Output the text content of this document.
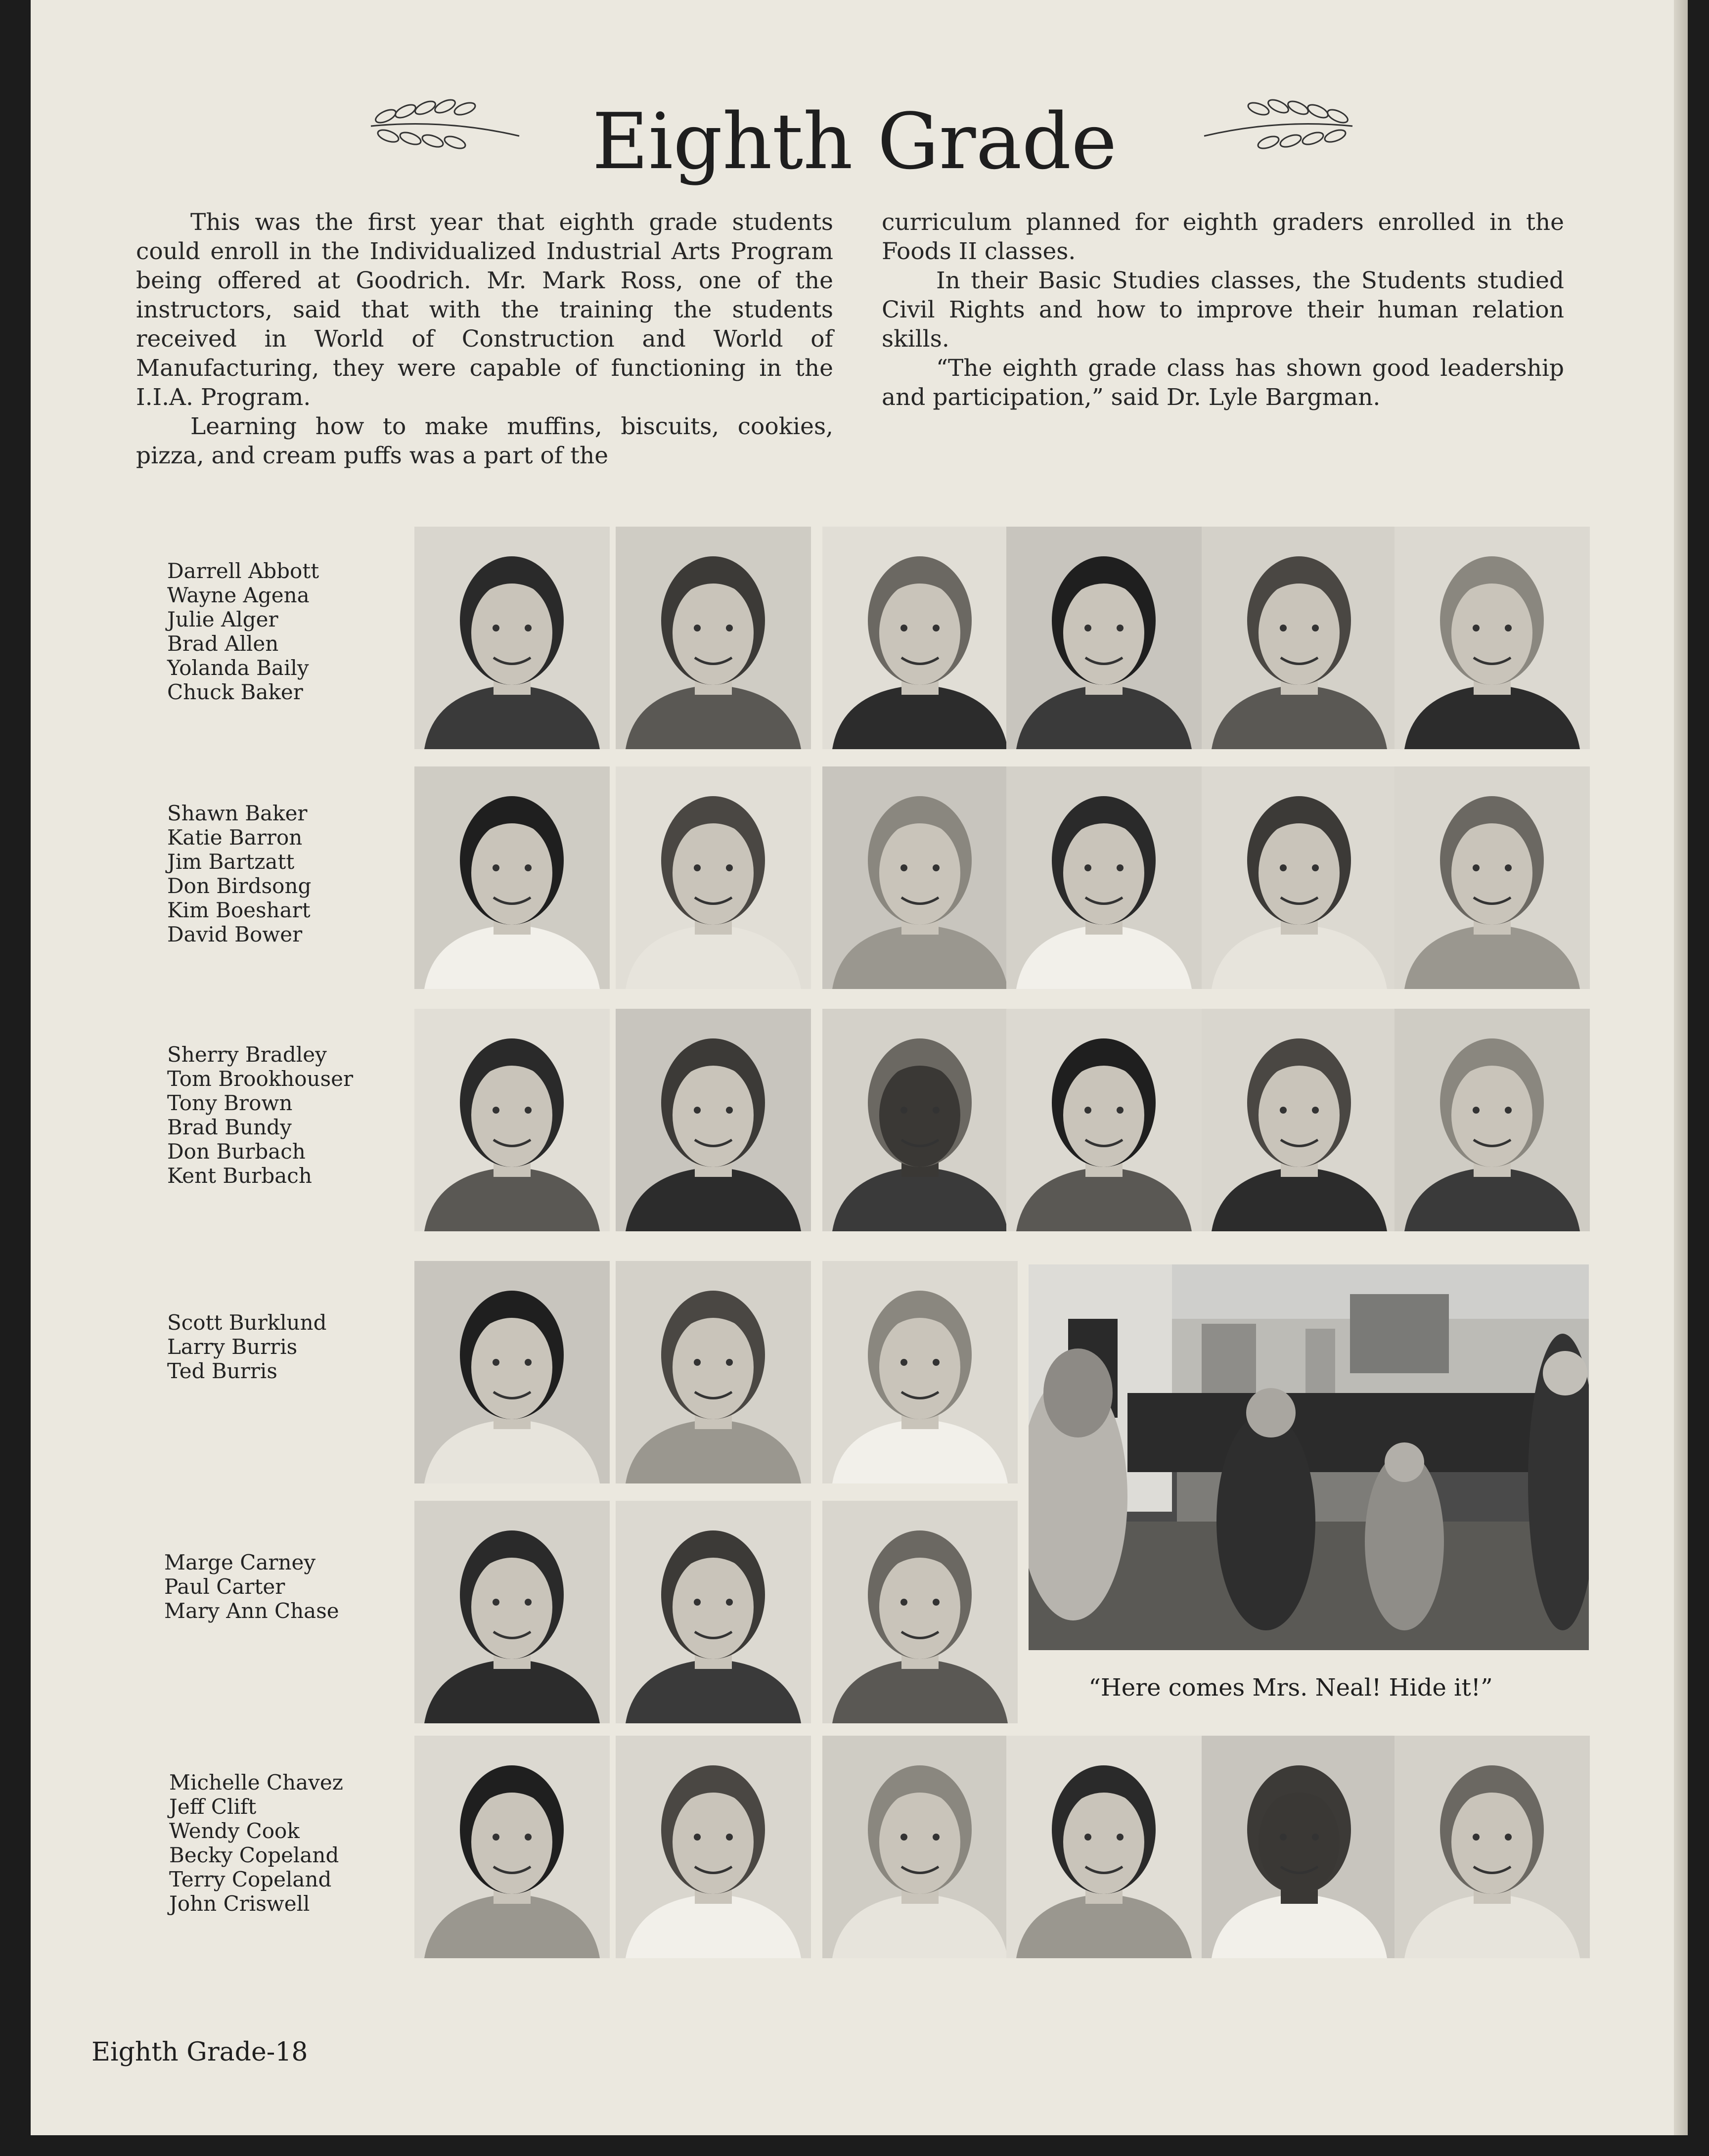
Eighth Grade

This was the first year that eighth grade students could enroll in the Individualized Industrial Arts Program being offered at Goodrich. Mr. Mark Ross, one of the instructors, said that with the training the students received in World of Construction and World of Manufacturing, they were capable of functioning in the I.I.A. Program.

Learning how to make muffins, biscuits, cookies, pizza, and cream puffs was a part of the

curriculum planned for eighth graders enrolled in the Foods II classes.

In their Basic Studies classes, the Students studied Civil Rights and how to improve their human relation skills.

“The eighth grade class has shown good leadership and participation,” said Dr. Lyle Bargman.

Darrell Abbott
Wayne Agena
Julie Alger
Brad Allen
Yolanda Baily
Chuck Baker
Shawn Baker
Katie Barron
Jim Bartzatt
Don Birdsong
Kim Boeshart
David Bower
Sherry Bradley
Tom Brookhouser
Tony Brown
Brad Bundy
Don Burbach
Kent Burbach
Scott Burklund
Larry Burris
Ted Burris
Marge Carney
Paul Carter
Mary Ann Chase
Michelle Chavez
Jeff Clift
Wendy Cook
Becky Copeland
Terry Copeland
John Criswell
“Here comes Mrs. Neal! Hide it!”
Eighth Grade-18
